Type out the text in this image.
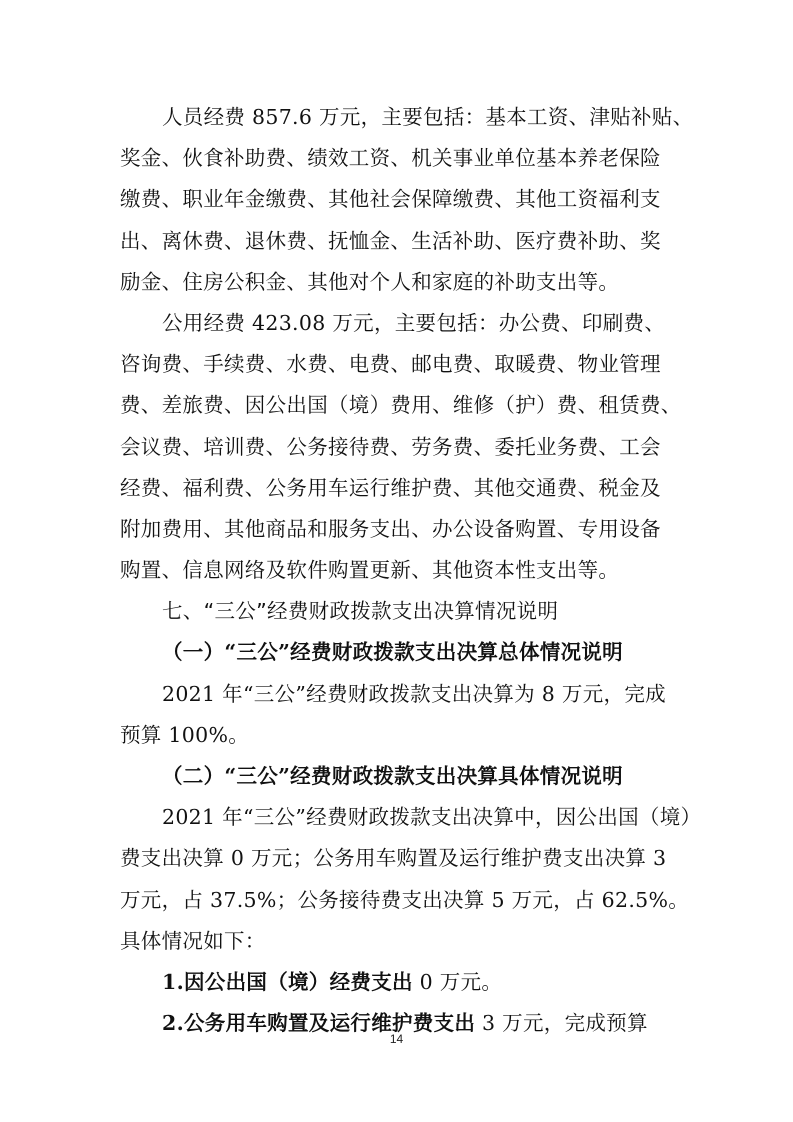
人员经费 857.6 万元，主要包括：基本工资、津贴补贴、
奖金、伙食补助费、绩效工资、机关事业单位基本养老保险
缴费、职业年金缴费、其他社会保障缴费、其他工资福利支
出、离休费、退休费、抚恤金、生活补助、医疗费补助、奖
励金、住房公积金、其他对个人和家庭的补助支出等。
公用经费 423.08 万元，主要包括：办公费、印刷费、
咨询费、手续费、水费、电费、邮电费、取暖费、物业管理
费、差旅费、因公出国（境）费用、维修（护）费、租赁费、
会议费、培训费、公务接待费、劳务费、委托业务费、工会
经费、福利费、公务用车运行维护费、其他交通费、税金及
附加费用、其他商品和服务支出、办公设备购置、专用设备
购置、信息网络及软件购置更新、其他资本性支出等。
七、“三公”经费财政拨款支出决算情况说明
（一）“三公”经费财政拨款支出决算总体情况说明
2021 年“三公”经费财政拨款支出决算为 8 万元，完成
预算 100%。
（二）“三公”经费财政拨款支出决算具体情况说明
2021 年“三公”经费财政拨款支出决算中，因公出国（境）
费支出决算 0 万元；公务用车购置及运行维护费支出决算 3
万元，占 37.5%；公务接待费支出决算 5 万元，占 62.5%。
具体情况如下：
14
1.因公出国（境）经费支出 0 万元。
2.公务用车购置及运行维护费支出 3 万元，完成预算
